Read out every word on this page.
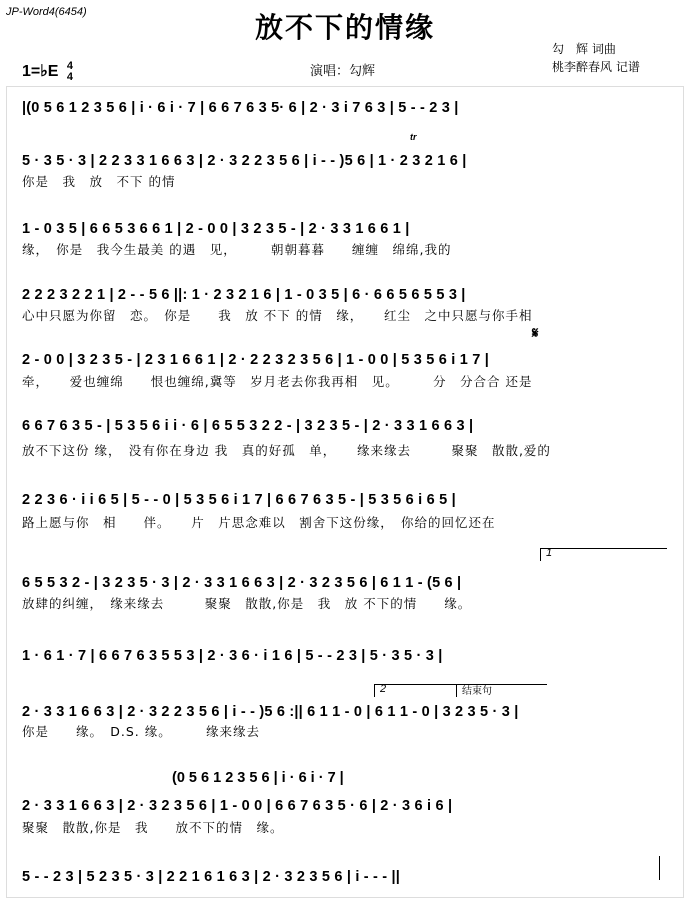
JP-Word4(6454)	放不下的情缘
勾　辉 词曲
桃李醉春风 记谱
1=♭E 4
4	演唱：勾辉
|(0 5 6 1 2 3 5 6 | i · 6 i · 7 | 6 6 7 6 3 5· 6 | 2 · 3 i 7 6 3 | 5 - - 2 3 |
5 · 3 5 · 3 | 2 2 3 3 1 6 6 3 | 2 · 3 2 2 3 5 6 | i - - )5 6 | 1 · 2 3 2 1 6 |
你是　我　放　不下 的情
1 - 0 3 5 | 6 6 5 3 6 6 1 | 2 - 0 0 | 3 2 3 5 - | 2 · 3 3 1 6 6 1 |
缘，　你是　我今生最美 的遇　见，　　　朝朝暮暮　　缠缠　绵绵,我的
2 2 2 3 2 2 1 | 2 - - 5 6 ||: 1 · 2 3 2 1 6 | 1 - 0 3 5 | 6 · 6 6 5 6 5 5 3 |
心中只愿为你留　恋。　你是　　我　放 不下 的情　缘，　　红尘　之中只愿与你手相
2 - 0 0 | 3 2 3 5 - | 2 3 1 6 6 1 | 2 · 2 2 3 2 3 5 6 | 1 - 0 0 | 5 3 5 6 i 1 7 |
牵，　　爱也缠绵　　恨也缠绵,冀等　岁月老去你我再相　见。　　　分　分合合 还是
6 6 7 6 3 5 - | 5 3 5 6 i i · 6 | 6 5 5 3 2 2 - | 3 2 3 5 - | 2 · 3 3 1 6 6 3 |
放不下这份 缘，　没有你在身边 我　真的好孤　单，　　缘来缘去　　　聚聚　散散,爱的
2 2 3 6 · i i 6 5 | 5 - - 0 | 5 3 5 6 i 1 7 | 6 6 7 6 3 5 - | 5 3 5 6 i 6 5 |
路上愿与你　相　　伴。　　片　片思念难以　割舍下这份缘，　你给的回忆还在
6 5 5 3 2 - | 3 2 3 5 · 3 | 2 · 3 3 1 6 6 3 | 2 · 3 2 3 5 6 | 6 1 1 - (5 6 |
放肆的纠缠，　缘来缘去　　　聚聚　散散,你是　我　放 不下的情　　缘。
1 · 6 1 · 7 | 6 6 7 6 3 5 5 3 | 2 · 3 6 · i 1 6 | 5 - - 2 3 | 5 · 3 5 · 3 |
2 · 3 3 1 6 6 3 | 2 · 3 2 2 3 5 6 | i - - )5 6 :|| 6 1 1 - 0 | 6 1 1 - 0 | 3 2 3 5 · 3 |
你是　　缘。　D.S. 缘。　　　缘来缘去
2 · 3 3 1 6 6 3 | 2 · 3 2 3 5 6 | 1 - 0 0 | 6 6 7 6 3 5 · 6 | 2 · 3 6 i 6 |
聚聚　散散,你是　我　　放不下的情　缘。
5 - - 2 3 | 5 2 3 5 · 3 | 2 2 1 6 1 6 3 | 2 · 3 2 3 5 6 | i - - - ||
𝄋
1
2	结束句
tr
(0 5 6 1 2 3 5 6 | i · 6 i · 7 |
